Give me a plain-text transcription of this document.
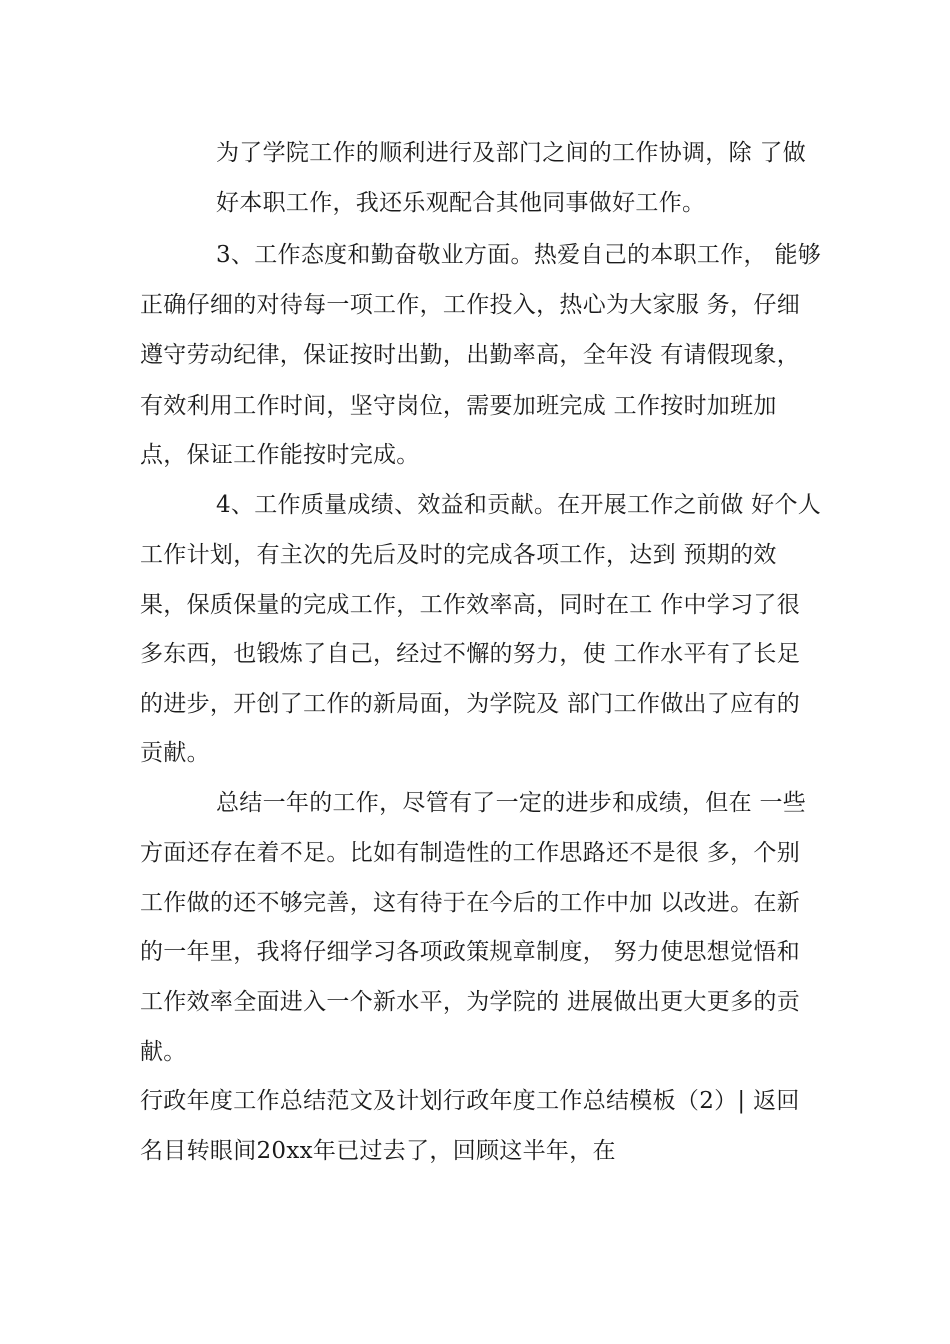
为了学院工作的顺利进行及部门之间的工作协调，除 了做
好本职工作，我还乐观配合其他同事做好工作。
3、工作态度和勤奋敬业方面。热爱自己的本职工作， 能够
正确仔细的对待每一项工作，工作投入，热心为大家服 务，仔细
遵守劳动纪律，保证按时出勤，出勤率高，全年没 有请假现象，
有效利用工作时间，坚守岗位，需要加班完成 工作按时加班加
点，保证工作能按时完成。
4、工作质量成绩、效益和贡献。在开展工作之前做 好个人
工作计划，有主次的先后及时的完成各项工作，达到 预期的效
果，保质保量的完成工作，工作效率高，同时在工 作中学习了很
多东西，也锻炼了自己，经过不懈的努力，使 工作水平有了长足
的进步，开创了工作的新局面，为学院及 部门工作做出了应有的
贡献。
总结一年的工作，尽管有了一定的进步和成绩，但在 一些
方面还存在着不足。比如有制造性的工作思路还不是很 多，个别
工作做的还不够完善，这有待于在今后的工作中加 以改进。在新
的一年里，我将仔细学习各项政策规章制度， 努力使思想觉悟和
工作效率全面进入一个新水平，为学院的 进展做出更大更多的贡
献。
行政年度工作总结范文及计划行政年度工作总结模板（2）| 返回
名目转眼间20xx年已过去了，回顾这半年，在
